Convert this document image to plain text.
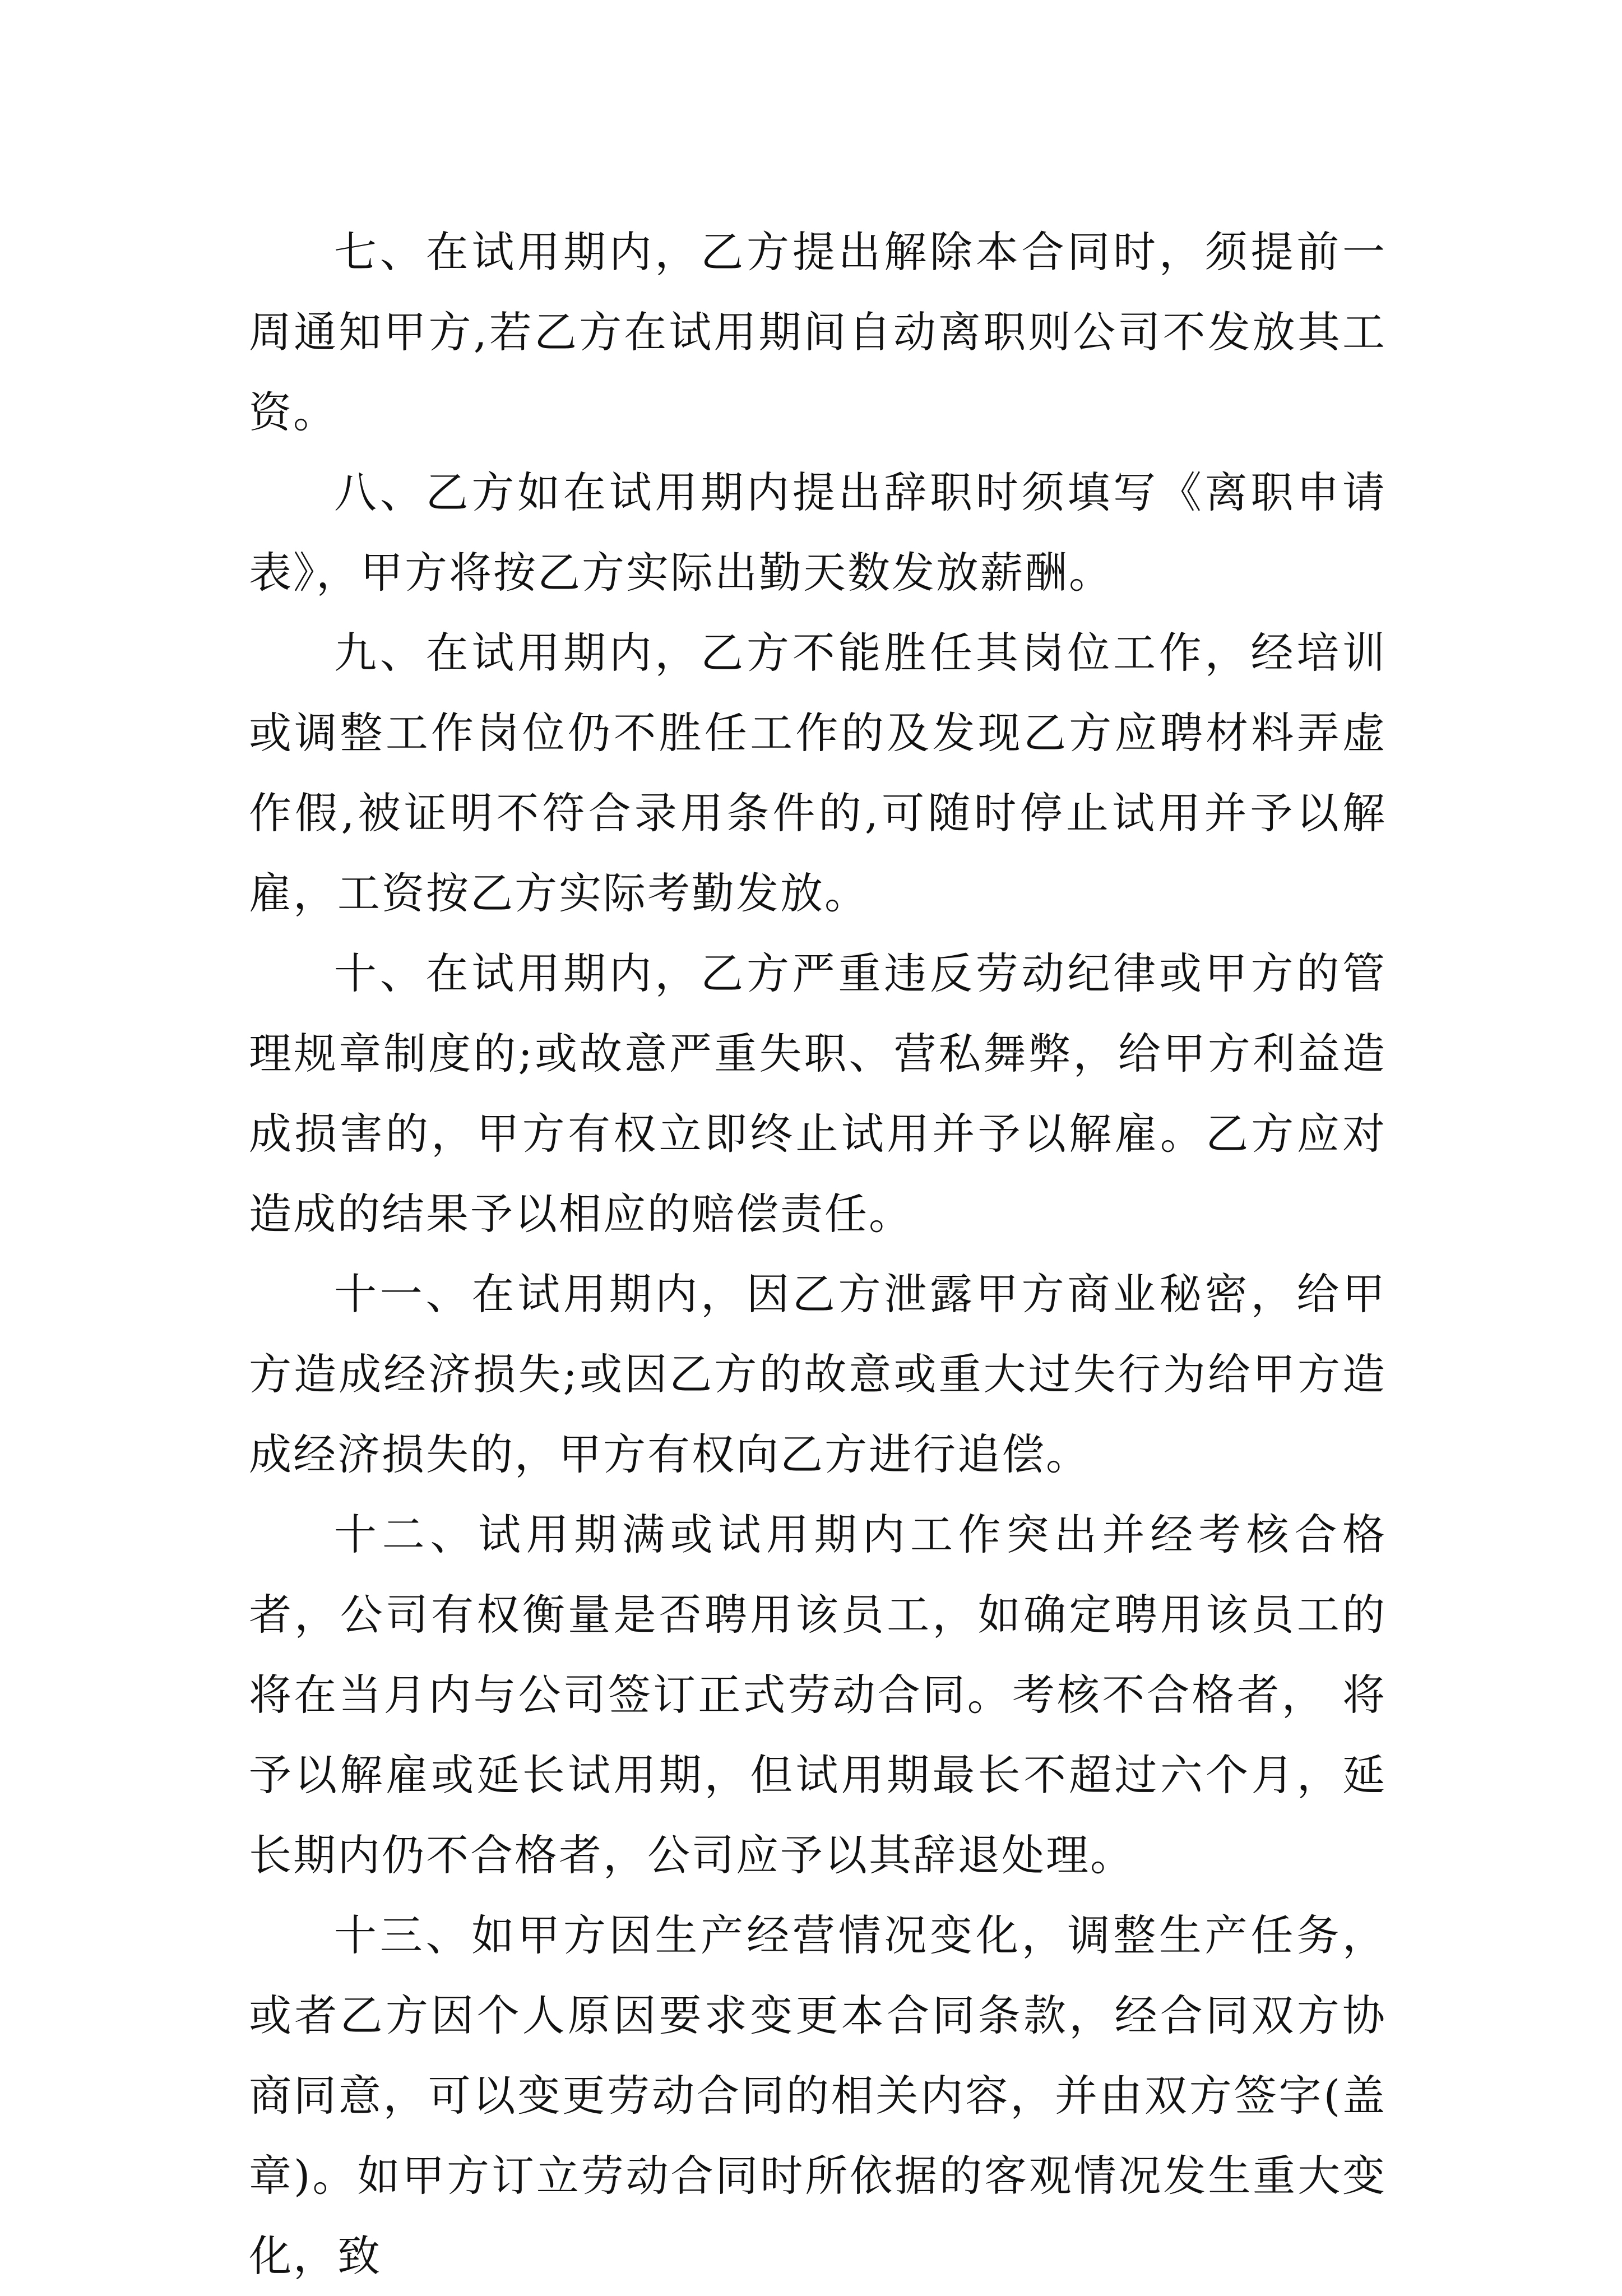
七、在试用期内，乙方提出解除本合同时，须提前一周通知甲方,若乙方在试用期间自动离职则公司不发放其工资。

八、乙方如在试用期内提出辞职时须填写《离职申请表》，甲方将按乙方实际出勤天数发放薪酬。

九、在试用期内，乙方不能胜任其岗位工作，经培训或调整工作岗位仍不胜任工作的及发现乙方应聘材料弄虚作假,被证明不符合录用条件的,可随时停止试用并予以解雇，工资按乙方实际考勤发放。

十、在试用期内，乙方严重违反劳动纪律或甲方的管理规章制度的;或故意严重失职、营私舞弊，给甲方利益造成损害的，甲方有权立即终止试用并予以解雇。乙方应对造成的结果予以相应的赔偿责任。

十一、在试用期内，因乙方泄露甲方商业秘密，给甲方造成经济损失;或因乙方的故意或重大过失行为给甲方造成经济损失的，甲方有权向乙方进行追偿。

十二、试用期满或试用期内工作突出并经考核合格者，公司有权衡量是否聘用该员工，如确定聘用该员工的将在当月内与公司签订正式劳动合同。考核不合格者， 将予以解雇或延长试用期，但试用期最长不超过六个月，延长期内仍不合格者，公司应予以其辞退处理。

十三、如甲方因生产经营情况变化，调整生产任务，或者乙方因个人原因要求变更本合同条款，经合同双方协商同意，可以变更劳动合同的相关内容，并由双方签字(盖章)。如甲方订立劳动合同时所依据的客观情况发生重大变化，致
